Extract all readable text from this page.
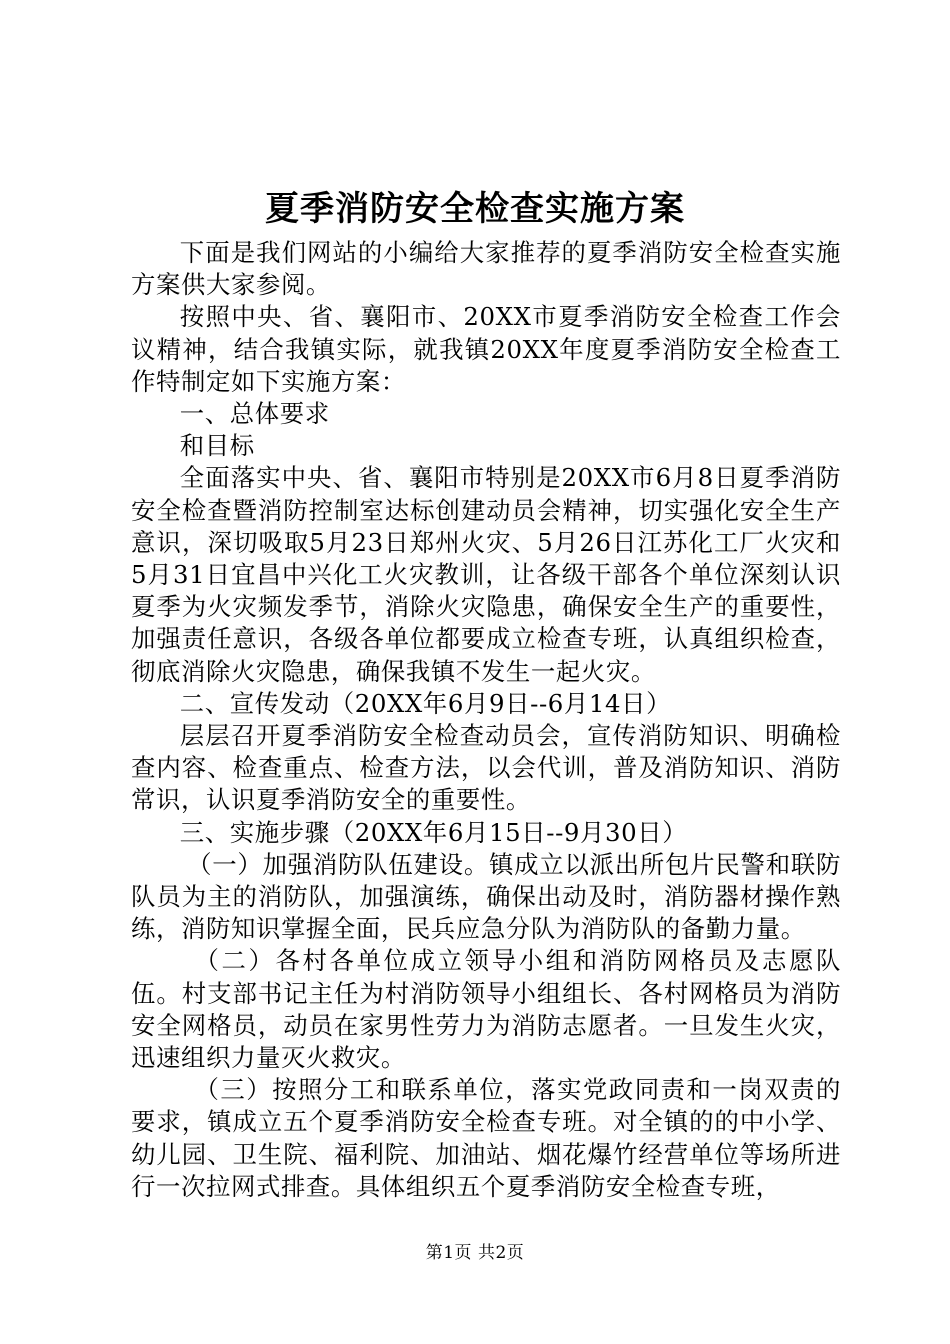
夏季消防安全检查实施方案

下面是我们网站的小编给大家推荐的夏季消防安全检查实施方案供大家参阅。

按照中央、省、襄阳市、20XX市夏季消防安全检查工作会议精神，结合我镇实际，就我镇20XX年度夏季消防安全检查工作特制定如下实施方案：

一、总体要求

和目标

全面落实中央、省、襄阳市特别是20XX市6月8日夏季消防安全检查暨消防控制室达标创建动员会精神，切实强化安全生产意识，深切吸取5月23日郑州火灾、5月26日江苏化工厂火灾和5月31日宜昌中兴化工火灾教训，让各级干部各个单位深刻认识夏季为火灾频发季节，消除火灾隐患，确保安全生产的重要性，加强责任意识，各级各单位都要成立检查专班，认真组织检查，彻底消除火灾隐患，确保我镇不发生一起火灾。

二、宣传发动（20XX年6月9日--6月14日）

层层召开夏季消防安全检查动员会，宣传消防知识、明确检查内容、检查重点、检查方法，以会代训，普及消防知识、消防常识，认识夏季消防安全的重要性。

三、实施步骤（20XX年6月15日--9月30日）

（一）加强消防队伍建设。镇成立以派出所包片民警和联防队员为主的消防队，加强演练，确保出动及时，消防器材操作熟练，消防知识掌握全面，民兵应急分队为消防队的备勤力量。

（二）各村各单位成立领导小组和消防网格员及志愿队伍。村支部书记主任为村消防领导小组组长、各村网格员为消防安全网格员，动员在家男性劳力为消防志愿者。一旦发生火灾，迅速组织力量灭火救灾。

（三）按照分工和联系单位，落实党政同责和一岗双责的要求，镇成立五个夏季消防安全检查专班。对全镇的的中小学、幼儿园、卫生院、福利院、加油站、烟花爆竹经营单位等场所进行一次拉网式排查。具体组织五个夏季消防安全检查专班，

第1页 共2页
